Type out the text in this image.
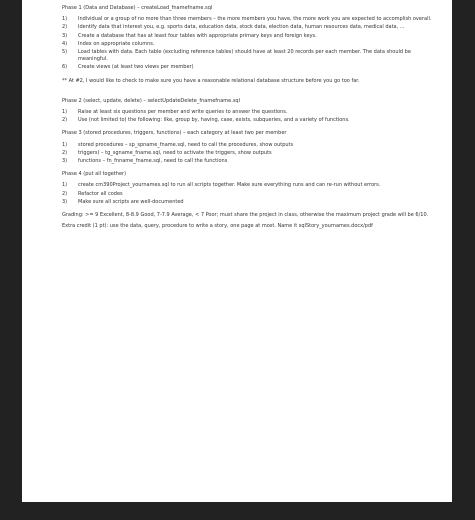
Phase 1 (Data and Database) – createLoad_fnamefname.sql
1) Individual or a group of no more than three members – the more members you have, the more work you are expected to accomplish overall.
2) Identify data that interest you, e.g. sports data, education data, stock data, election data, human resources data, medical data, …
3) Create a database that has at least four tables with appropriate primary keys and foreign keys.
4) Index on appropriate columns.
5) Load tables with data. Each table (excluding reference tables) should have at least 20 records per each member. The data should be meaningful.
6) Create views (at least two views per member)
** At #2, I would like to check to make sure you have a reasonable relational database structure before you go too far.
Phase 2 (select, update, delete) – selectUpdateDelete_fnamefname.sql
1) Raise at least six questions per member and write queries to answer the questions.
2) Use (not limited to) the following: like, group by, having, case, exists, subqueries, and a variety of functions.
Phase 3 (stored procedures, triggers, functions) – each category at least two per member
1) stored procedures – sp_spname_fname.sql, need to call the procedures, show outputs
2) triggers) – tg_sgname_fname.sql, need to activate the triggers, show outputs
3) functions – fn_fnname_fname.sql, need to call the functions
Phase 4 (put all together)
1) create cm390Project_yournames.sql to run all scripts together. Make sure everything runs and can re-run without errors.
2) Refactor all codes
3) Make sure all scripts are well-documented
Grading: >= 9 Excellent, 8-8.9 Good, 7-7.9 Average, < 7 Poor; must share the project in class, otherwise the maximum project grade will be 6/10.
Extra credit (1 pt): use the data, query, procedure to write a story, one page at most. Name it sqlStory_yournames.docx/pdf
